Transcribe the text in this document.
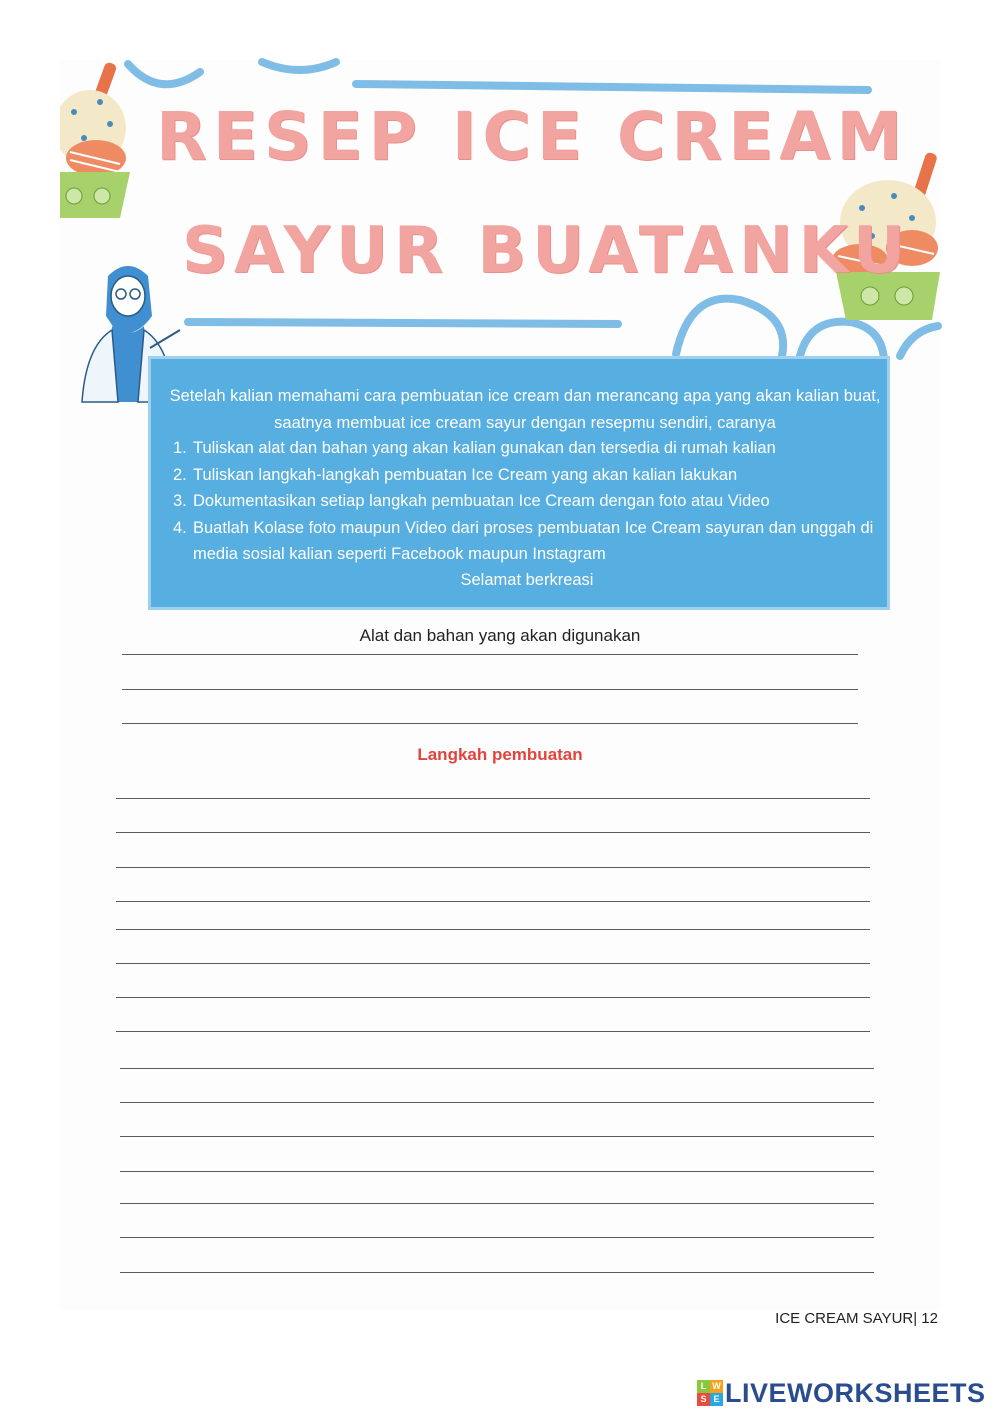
RESEP ICE CREAM
SAYUR BUATANKU
Setelah kalian memahami cara pembuatan ice cream dan merancang apa yang akan kalian buat, saatnya membuat ice cream sayur dengan resepmu sendiri, caranya
1. Tuliskan alat dan bahan yang akan kalian gunakan dan tersedia di rumah kalian
2. Tuliskan langkah-langkah pembuatan Ice Cream yang akan kalian lakukan
3. Dokumentasikan setiap langkah pembuatan Ice Cream dengan foto atau Video
4. Buatlah Kolase foto maupun Video dari proses pembuatan Ice Cream sayuran dan unggah di media sosial kalian seperti Facebook maupun Instagram
Selamat berkreasi
Alat dan bahan yang akan digunakan
Langkah pembuatan
ICE CREAM SAYUR| 12
L W
S E LIVEWORKSHEETS
